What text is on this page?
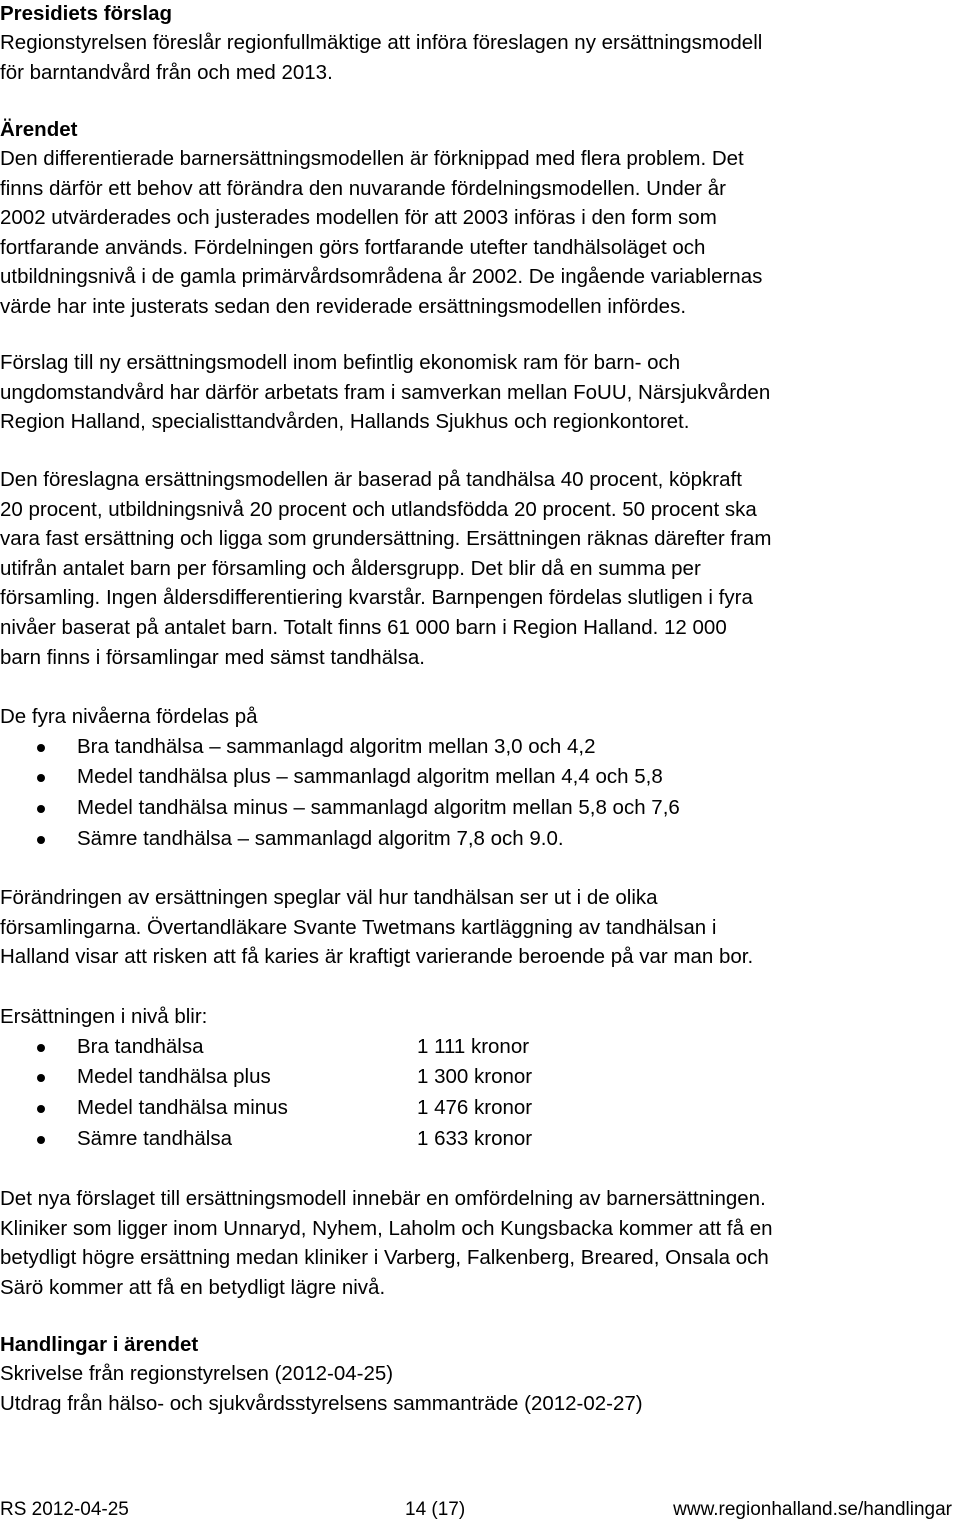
Presidiets förslag
Regionstyrelsen föreslår regionfullmäktige att införa föreslagen ny ersättningsmodell
för barntandvård från och med 2013.
Ärendet
Den differentierade barnersättningsmodellen är förknippad med flera problem. Det
finns därför ett behov att förändra den nuvarande fördelningsmodellen. Under år
2002 utvärderades och justerades modellen för att 2003 införas i den form som
fortfarande används. Fördelningen görs fortfarande utefter tandhälsoläget och
utbildningsnivå i de gamla primärvårdsområdena år 2002. De ingående variablernas
värde har inte justerats sedan den reviderade ersättningsmodellen infördes.
Förslag till ny ersättningsmodell inom befintlig ekonomisk ram för barn- och
ungdomstandvård har därför arbetats fram i samverkan mellan FoUU, Närsjukvården
Region Halland, specialisttandvården, Hallands Sjukhus och regionkontoret.
Den föreslagna ersättningsmodellen är baserad på tandhälsa 40 procent, köpkraft
20 procent, utbildningsnivå 20 procent och utlandsfödda 20 procent. 50 procent ska
vara fast ersättning och ligga som grundersättning. Ersättningen räknas därefter fram
utifrån antalet barn per församling och åldersgrupp. Det blir då en summa per
församling. Ingen åldersdifferentiering kvarstår. Barnpengen fördelas slutligen i fyra
nivåer baserat på antalet barn. Totalt finns 61 000 barn i Region Halland. 12 000
barn finns i församlingar med sämst tandhälsa.
De fyra nivåerna fördelas på
Bra tandhälsa – sammanlagd algoritm mellan 3,0 och 4,2
Medel tandhälsa plus – sammanlagd algoritm mellan 4,4 och 5,8
Medel tandhälsa minus – sammanlagd algoritm mellan 5,8 och 7,6
Sämre tandhälsa – sammanlagd algoritm 7,8 och 9.0.
Förändringen av ersättningen speglar väl hur tandhälsan ser ut i de olika
församlingarna. Övertandläkare Svante Twetmans kartläggning av tandhälsan i
Halland visar att risken att få karies är kraftigt varierande beroende på var man bor.
Ersättningen i nivå blir:
Bra tandhälsa	1 111 kronor
Medel tandhälsa plus	1 300 kronor
Medel tandhälsa minus	1 476 kronor
Sämre tandhälsa	1 633 kronor
Det nya förslaget till ersättningsmodell innebär en omfördelning av barnersättningen.
Kliniker som ligger inom Unnaryd, Nyhem, Laholm och Kungsbacka kommer att få en
betydligt högre ersättning medan kliniker i Varberg, Falkenberg, Breared, Onsala och
Särö kommer att få en betydligt lägre nivå.
Handlingar i ärendet
Skrivelse från regionstyrelsen (2012-04-25)
Utdrag från hälso- och sjukvårdsstyrelsens sammanträde (2012-02-27)
RS 2012-04-25	14 (17)	www.regionhalland.se/handlingar
